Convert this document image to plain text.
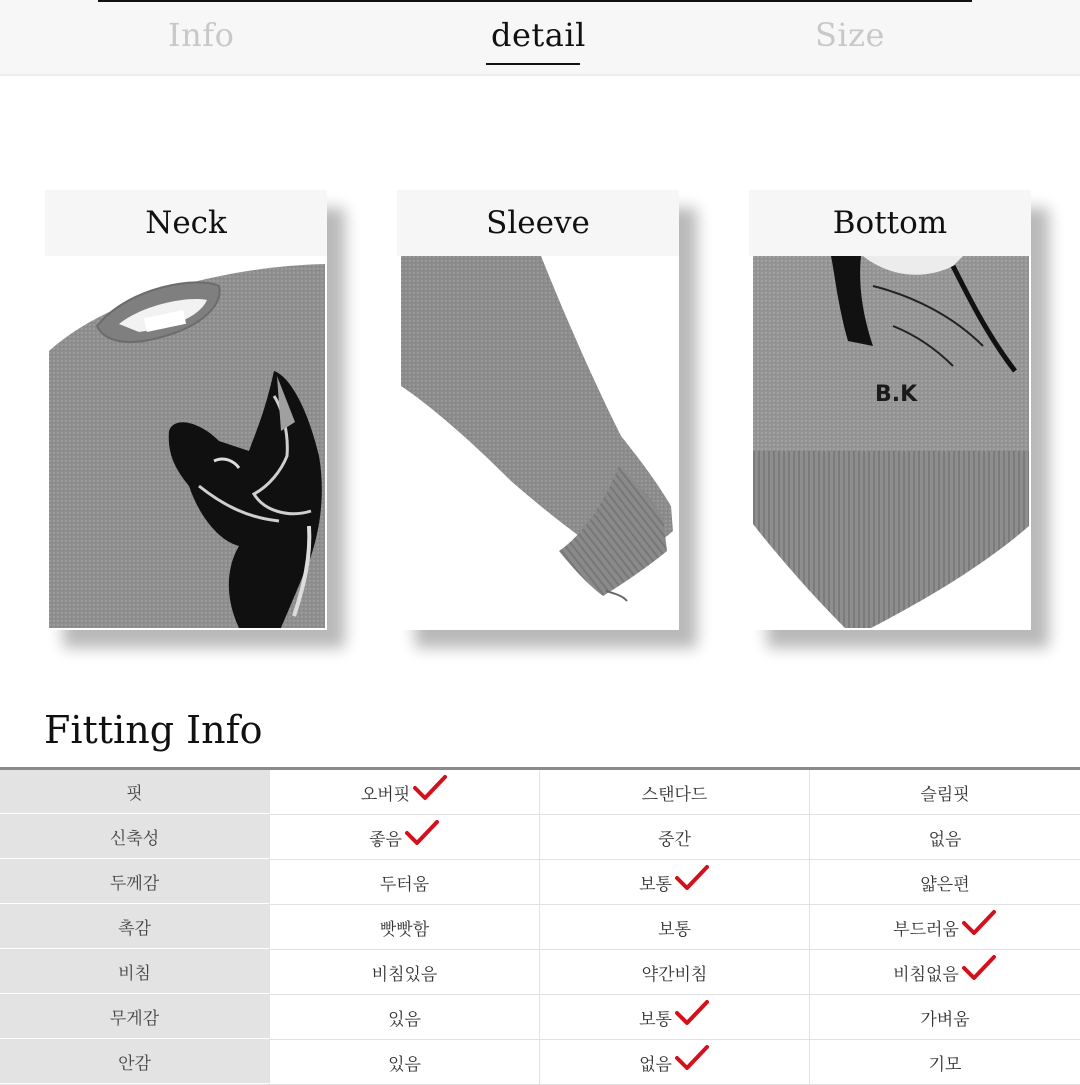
Info	detail	Size
Neck	Sleeve	Bottom
B.K
Fitting Info
핏	오버핏	스탠다드	슬림핏
신축성	좋음	중간	없음
두께감	두터움	보통	얇은편
촉감	빳빳함	보통	부드러움
비침	비침있음	약간비침	비침없음
무게감	있음	보통	가벼움
안감	있음	없음	기모
